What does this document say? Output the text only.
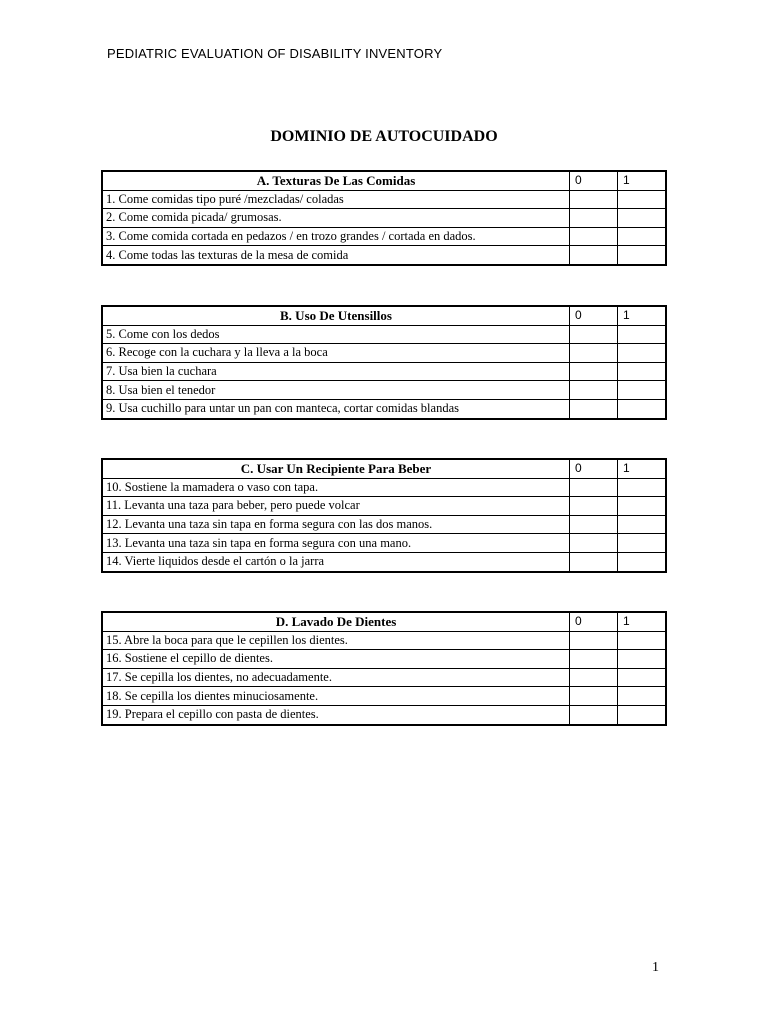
PEDIATRIC EVALUATION OF DISABILITY INVENTORY
DOMINIO DE AUTOCUIDADO
A. Texturas De Las Comidas	0	1
1. Come comidas tipo puré /mezcladas/ coladas		
2. Come comida picada/ grumosas.		
3. Come comida cortada en pedazos / en trozo grandes / cortada en dados.		
4. Come todas las texturas de la mesa de comida		
B. Uso De Utensillos	0	1
5. Come con los dedos		
6. Recoge con la cuchara y la lleva a la boca		
7. Usa bien la cuchara		
8. Usa bien el tenedor		
9. Usa cuchillo para untar un pan con manteca, cortar comidas blandas		
C. Usar Un Recipiente Para Beber	0	1
10. Sostiene la mamadera o vaso con tapa.		
11. Levanta una taza para beber, pero puede volcar		
12. Levanta una taza sin tapa en forma segura con las dos manos.		
13. Levanta una taza sin tapa en forma segura con una mano.		
14. Vierte liquidos desde el cartón o la jarra		
D. Lavado De Dientes	0	1
15. Abre la boca para que le cepillen los dientes.		
16. Sostiene el cepillo de dientes.		
17. Se cepilla los dientes, no adecuadamente.		
18. Se cepilla los dientes minuciosamente.		
19. Prepara el cepillo con pasta de dientes.		
1
